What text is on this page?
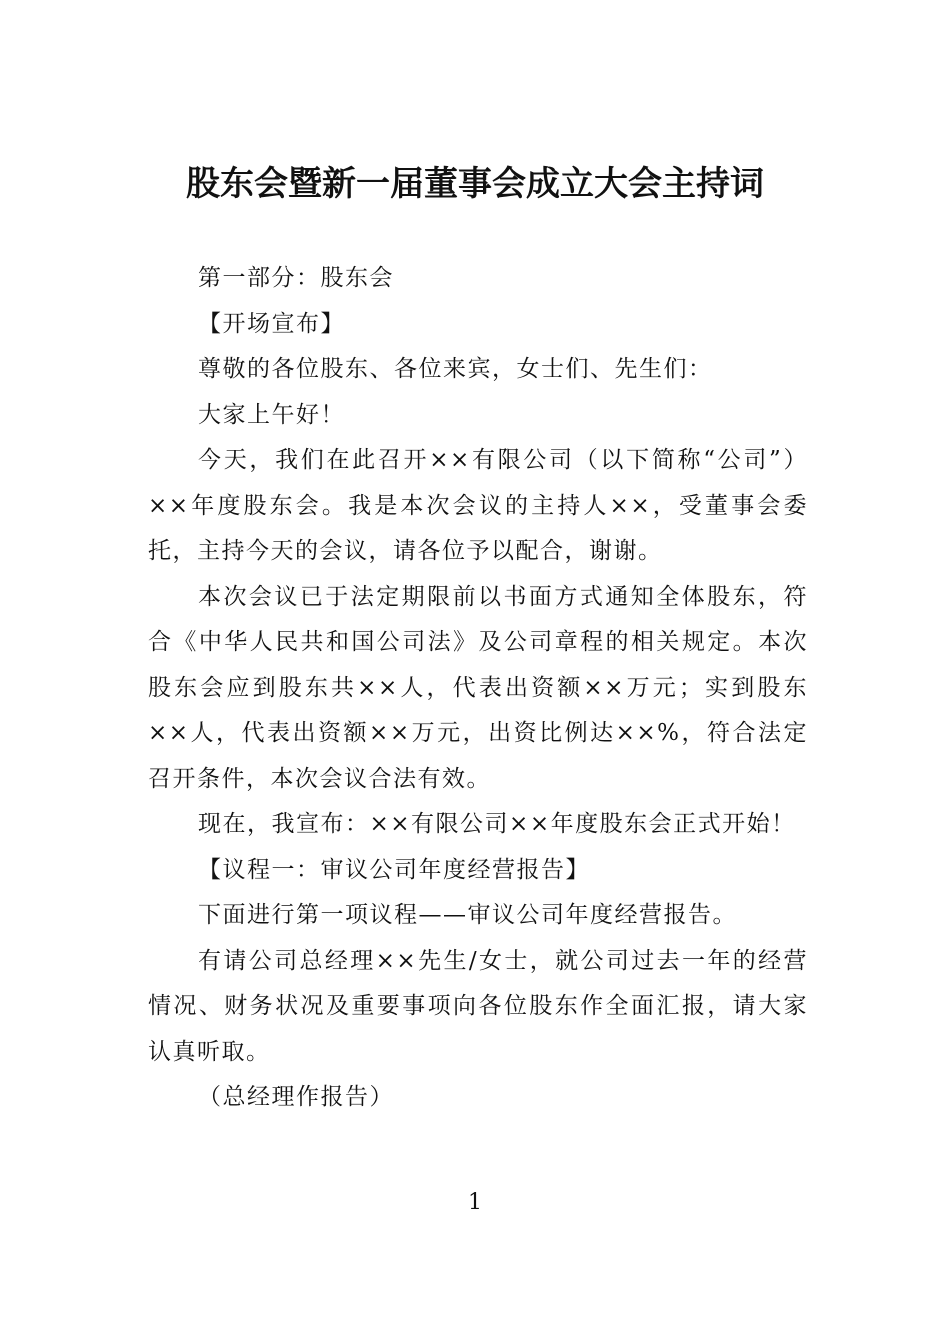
股东会暨新一届董事会成立大会主持词

第一部分：股东会

【开场宣布】

尊敬的各位股东、各位来宾，女士们、先生们：

大家上午好！

今天，我们在此召开××有限公司（以下简称“公司”）××年度股东会。我是本次会议的主持人××，受董事会委托，主持今天的会议，请各位予以配合，谢谢。

本次会议已于法定期限前以书面方式通知全体股东，符合《中华人民共和国公司法》及公司章程的相关规定。本次股东会应到股东共××人，代表出资额××万元；实到股东××人，代表出资额××万元，出资比例达××%，符合法定召开条件，本次会议合法有效。

现在，我宣布：××有限公司××年度股东会正式开始！

【议程一：审议公司年度经营报告】

下面进行第一项议程——审议公司年度经营报告。

有请公司总经理××先生/女士，就公司过去一年的经营情况、财务状况及重要事项向各位股东作全面汇报，请大家认真听取。

（总经理作报告）

1
